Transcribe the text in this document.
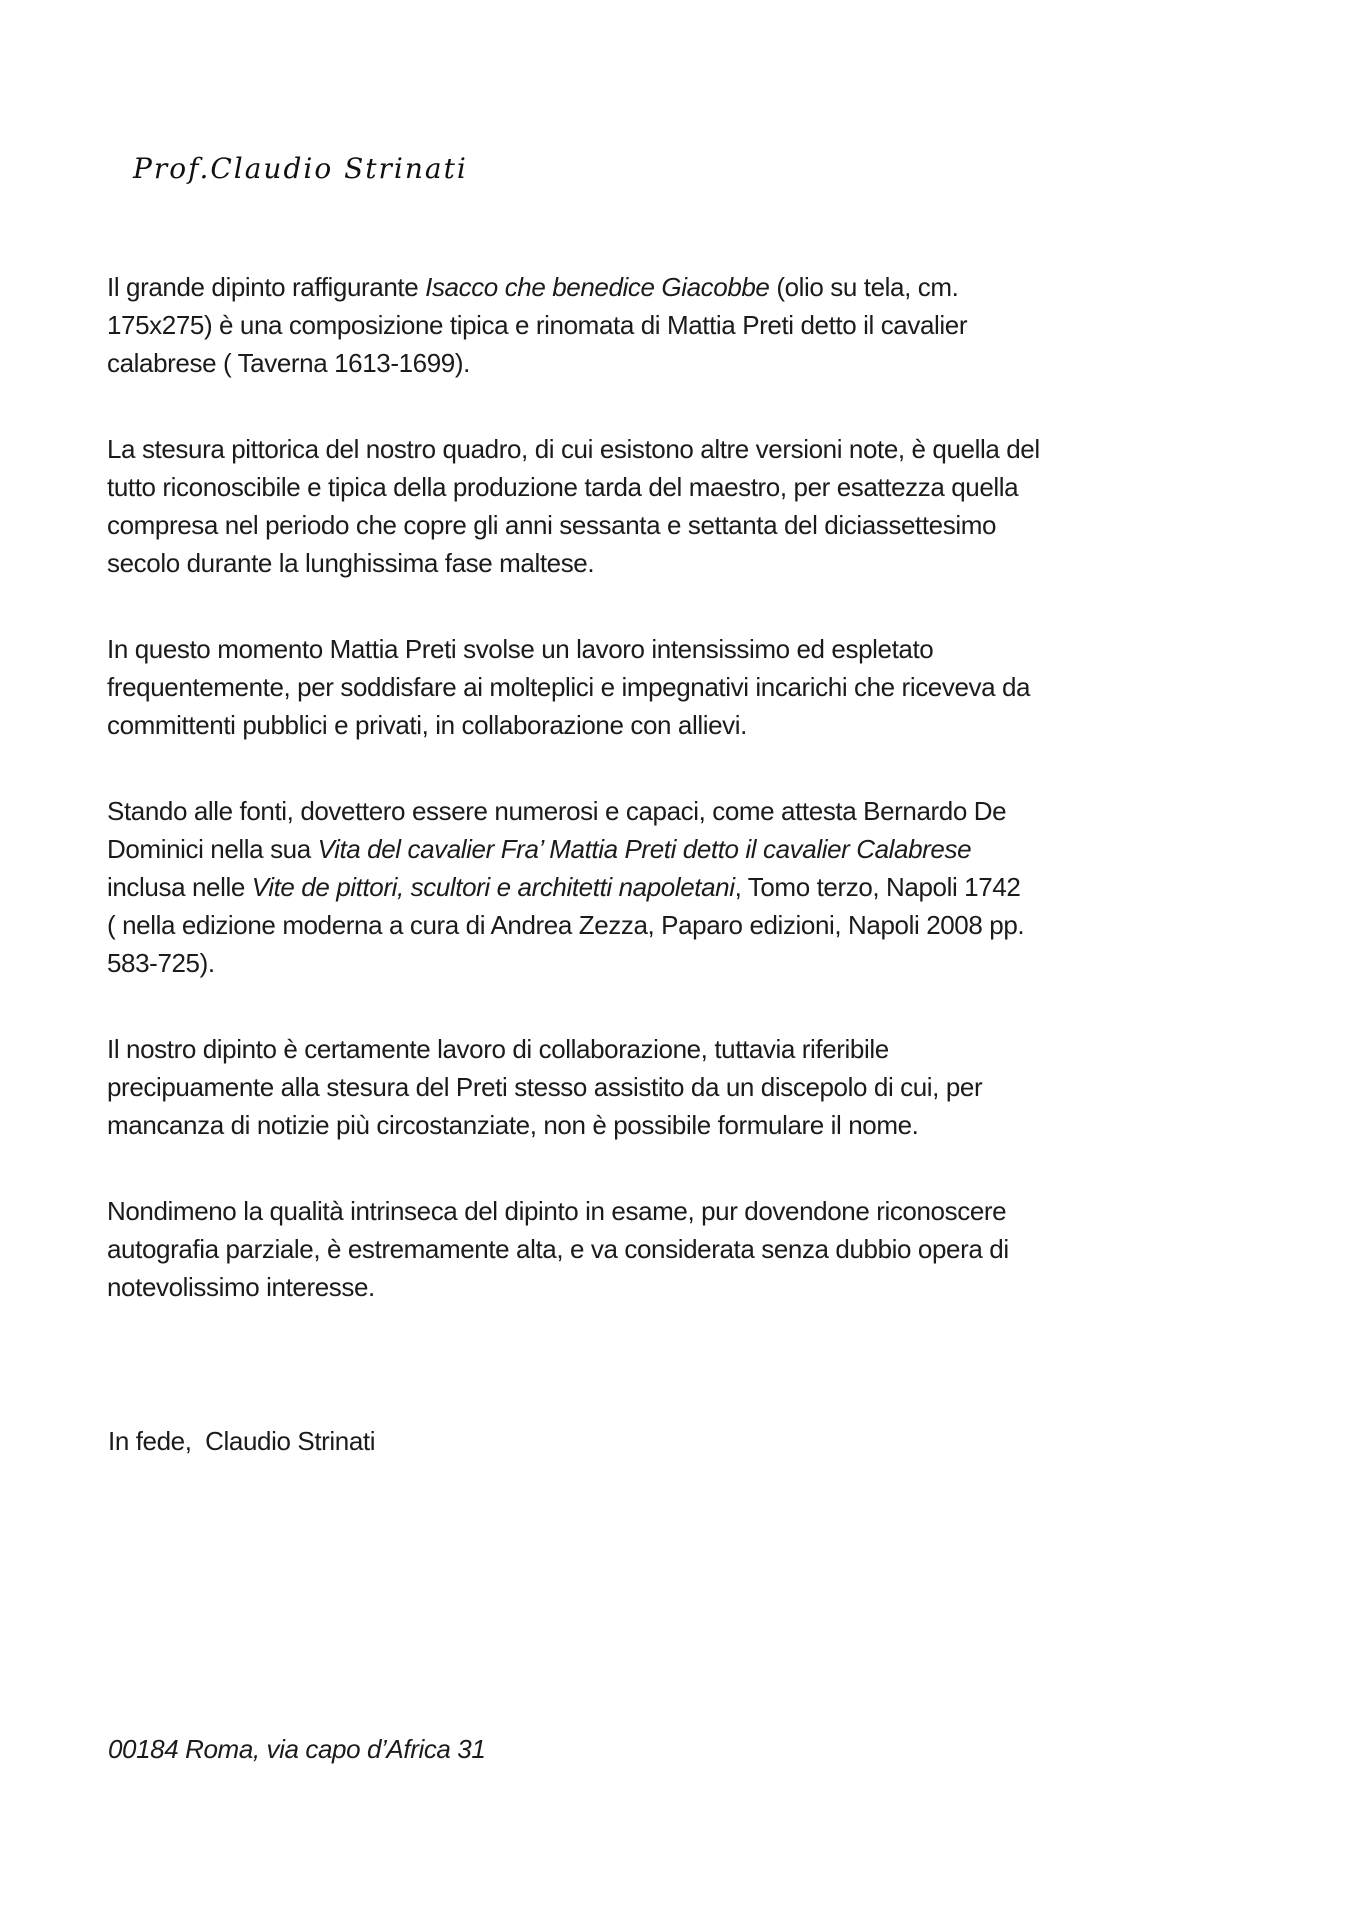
Prof.Claudio Strinati

Il grande dipinto raffigurante Isacco che benedice Giacobbe (olio su tela, cm.
175x275) è una composizione tipica e rinomata di Mattia Preti detto il cavalier
calabrese ( Taverna 1613-1699).

La stesura pittorica del nostro quadro, di cui esistono altre versioni note, è quella del
tutto riconoscibile e tipica della produzione tarda del maestro, per esattezza quella
compresa nel periodo che copre gli anni sessanta e settanta del diciassettesimo
secolo durante la lunghissima fase maltese.

In questo momento Mattia Preti svolse un lavoro intensissimo ed espletato
frequentemente, per soddisfare ai molteplici e impegnativi incarichi che riceveva da
committenti pubblici e privati, in collaborazione con allievi.

Stando alle fonti, dovettero essere numerosi e capaci, come attesta Bernardo De
Dominici nella sua Vita del cavalier Fra’ Mattia Preti detto il cavalier Calabrese
inclusa nelle Vite de pittori, scultori e architetti napoletani, Tomo terzo, Napoli 1742
( nella edizione moderna a cura di Andrea Zezza, Paparo edizioni, Napoli 2008 pp.
583-725).

Il nostro dipinto è certamente lavoro di collaborazione, tuttavia riferibile
precipuamente alla stesura del Preti stesso assistito da un discepolo di cui, per
mancanza di notizie più circostanziate, non è possibile formulare il nome.

Nondimeno la qualità intrinseca del dipinto in esame, pur dovendone riconoscere
autografia parziale, è estremamente alta, e va considerata senza dubbio opera di
notevolissimo interesse.

In fede,  Claudio Strinati
00184 Roma, via capo d’Africa 31
